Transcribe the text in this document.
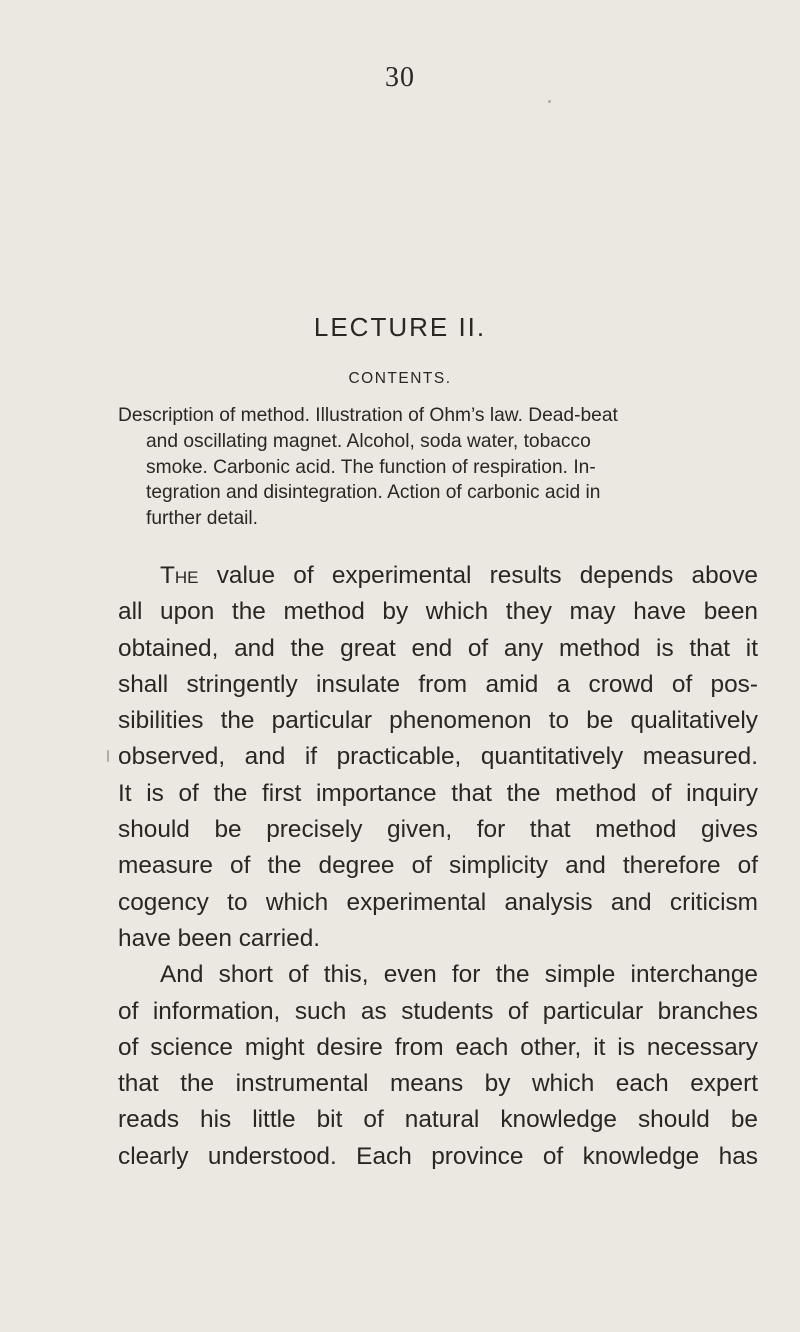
30
LECTURE II.
CONTENTS.
Description of method. Illustration of Ohm’s law. Dead-beat
and oscillating magnet. Alcohol, soda water, tobacco
smoke. Carbonic acid. The function of respiration. In-
tegration and disintegration. Action of carbonic acid in
further detail.
The value of experimental results depends above
all upon the method by which they may have been
obtained, and the great end of any method is that it
shall stringently insulate from amid a crowd of pos-
sibilities the particular phenomenon to be qualitatively
observed, and if practicable, quantitatively measured.
It is of the first importance that the method of inquiry
should be precisely given, for that method gives
measure of the degree of simplicity and therefore of
cogency to which experimental analysis and criticism
have been carried.
And short of this, even for the simple interchange
of information, such as students of particular branches
of science might desire from each other, it is necessary
that the instrumental means by which each expert
reads his little bit of natural knowledge should be
clearly understood. Each province of knowledge has
